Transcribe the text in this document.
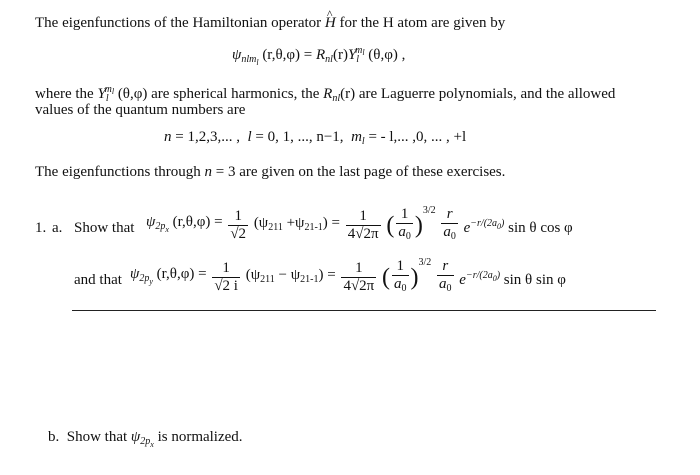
The eigenfunctions of the Hamiltonian operator ^ H for the H atom are given by
$\psi_{nlml}$ $(r,\theta,\varphi) = R_{nl}(r)Y_l^{ml}$ (θ,φ) ,
where the $Y_l^{ml}$ (θ,φ) are spherical harmonics, the $R_{nl}(r)$ are Laguerre polynomials, and the allowed
values of the quantum numbers are
n = 1,2,3,... , l = 0, 1, ..., n−1, $m_l$ = - l,... ,0, ... , +l
The eigenfunctions through n = 3 are given on the last page of these exercises.
1. a. Show that $\psi_{2px}$ $(r,\theta,\varphi) = \frac{1}{√2} (\psi_{211} +\psi_{21-1}) = \frac{1}{4√2\pi}$ ( $\frac{1}{a_0} )^{3/2} \frac{r}{a_0} e^{-r/(2a0)}$ sin θ cos φ
and that $\psi_{2py}$ $(r,\theta,\varphi) = \frac{1}{√2 i} (\psi_{211} - \psi_{21-1}) = \frac{1}{4√2\pi}$ ( $\frac{1}{a_0} )^{3/2} \frac{r}{a_0} e^{-r/(2a0)}$ sin θ sin φ
b. Show that $\psi_{2px}$ is normalized.
